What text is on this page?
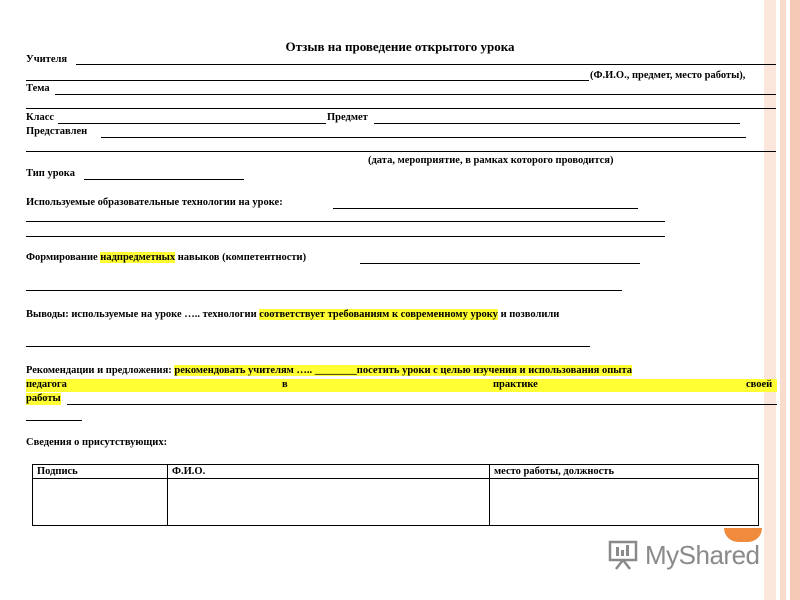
Отзыв на проведение открытого урока
Учителя
(Ф.И.О., предмет, место работы),
Тема
Класс	Предмет
Представлен
(дата, мероприятие, в рамках которого проводится)
Тип урока
Используемые образовательные технологии на уроке:
Формирование надпредметных навыков (компетентности)
Выводы: используемые на уроке ….. технологии соответствует требованиям к современному уроку и позволили
Рекомендации и предложения: рекомендовать учителям ….. ________посетить уроки с целью изучения и использования опыта
педагога	в	практике	своей
работы
Сведения о присутствующих:
Подпись	Ф.И.О.	место работы, должность

MyShared
